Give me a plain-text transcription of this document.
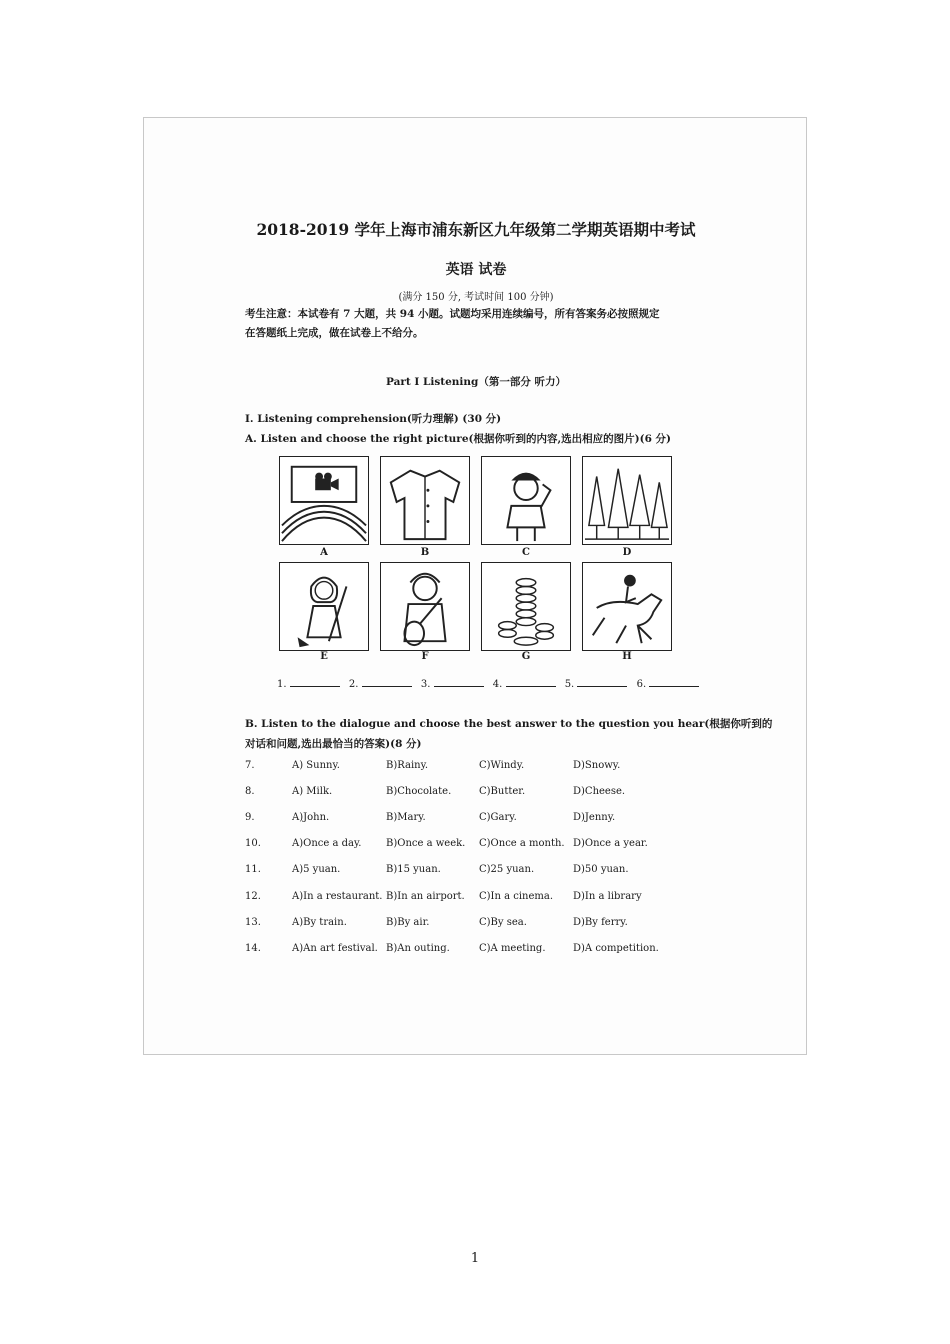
2018-2019 学年上海市浦东新区九年级第二学期英语期中考试
英语 试卷
(满分 150 分, 考试时间 100 分钟)
考生注意：本试卷有 7 大题，共 94 小题。试题均采用连续编号，所有答案务必按照规定
在答题纸上完成，做在试卷上不给分。
Part I Listening（第一部分 听力）
I. Listening comprehension(听力理解) (30 分)
A. Listen and choose the right picture(根据你听到的内容,选出相应的图片)(6 分)
A	B	C	D
E	F	G	H
1.	2.	3.	4.	5.	6.
B. Listen to the dialogue and choose the best answer to the question you hear(根据你听到的
对话和问题,选出最恰当的答案)(8 分)
7.	A) Sunny.	B)Rainy.	C)Windy.	D)Snowy.
8.	A) Milk.	B)Chocolate.	C)Butter.	D)Cheese.
9.	A)John.	B)Mary.	C)Gary.	D)Jenny.
10.	A)Once a day. B)Once a week. C)Once a month. D)Once a year.
11.	A)5 yuan.	B)15 yuan.	C)25 yuan.	D)50 yuan.
12.	A)In a restaurant. B)In an airport. C)In a cinema. D)In a library
13.	A)By train.	B)By air.	C)By sea.	D)By ferry.
14.	A)An art festival. B)An outing.	C)A meeting.	D)A competition.
1
